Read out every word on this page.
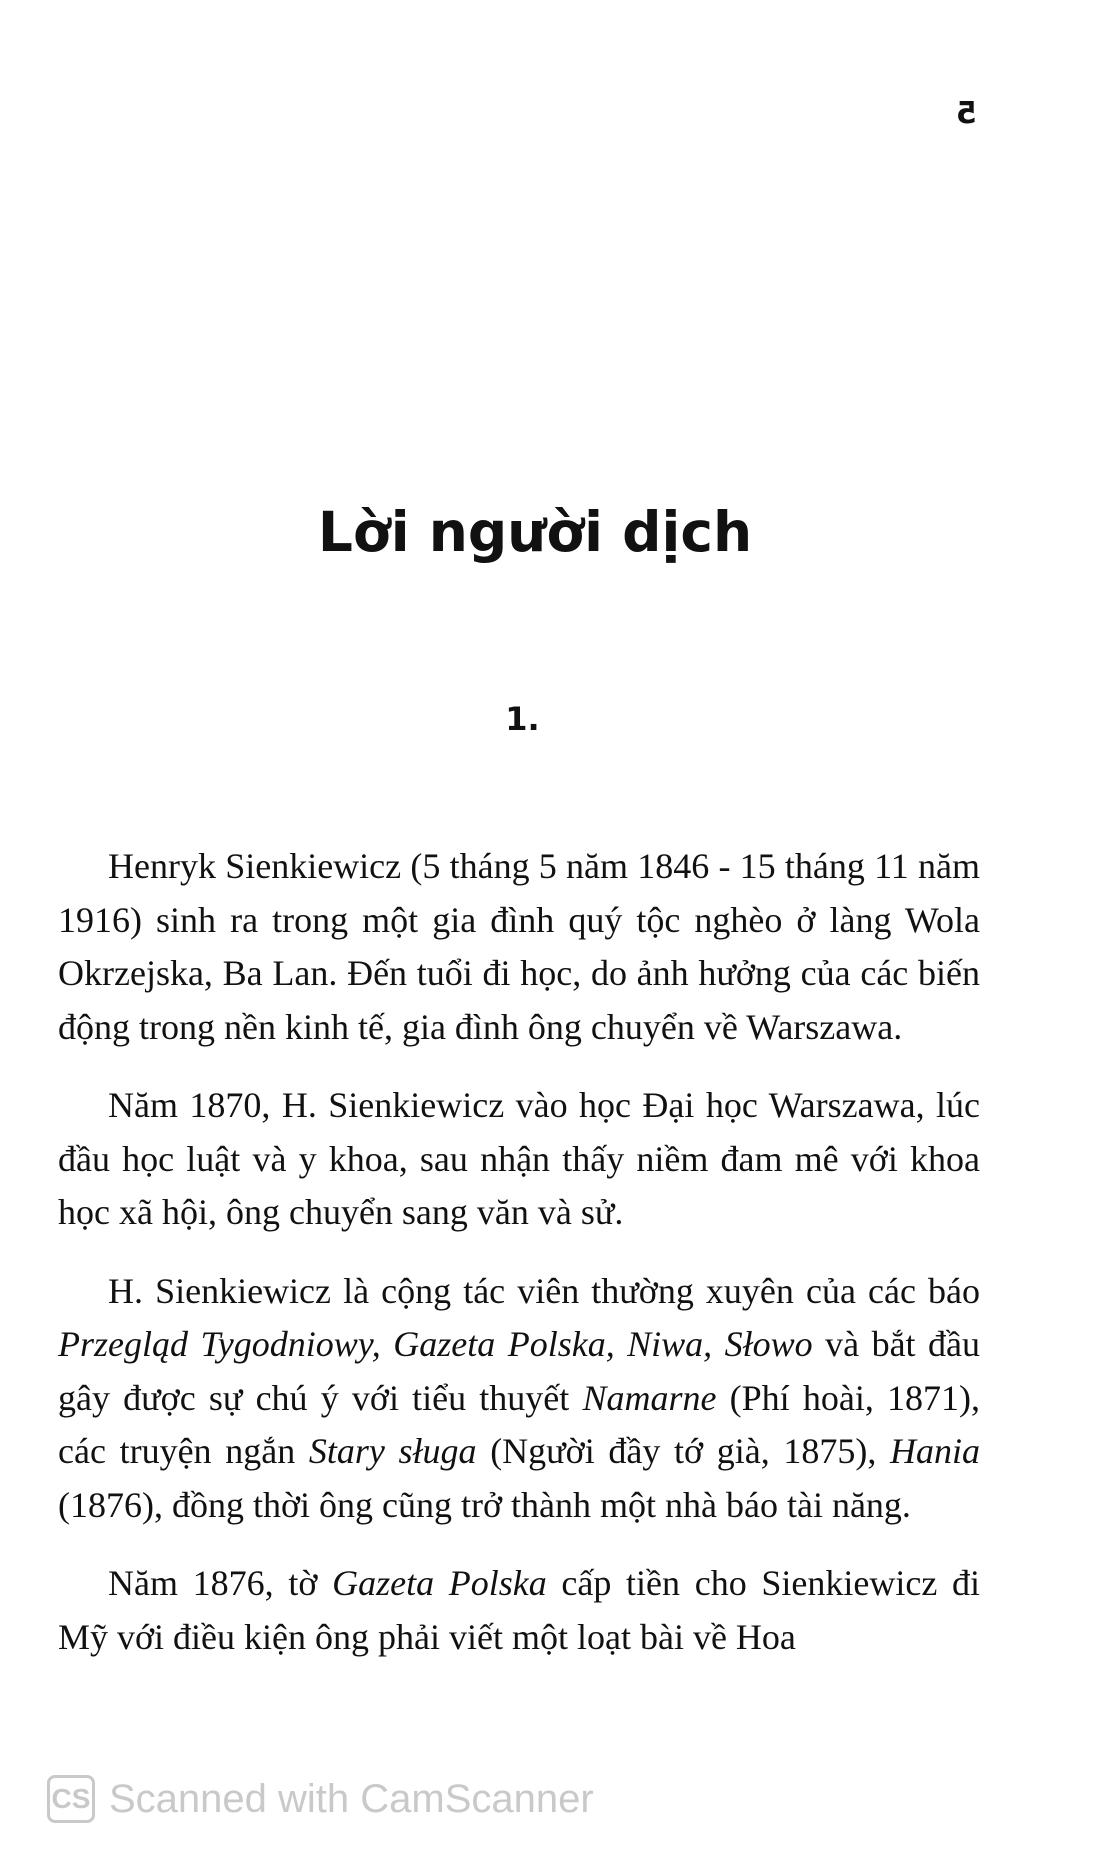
5
Lời người dịch
1.

Henryk Sienkiewicz (5 tháng 5 năm 1846 - 15 tháng 11 năm 1916) sinh ra trong một gia đình quý tộc nghèo ở làng Wola Okrzejska, Ba Lan. Đến tuổi đi học, do ảnh hưởng của các biến động trong nền kinh tế, gia đình ông chuyển về Warszawa.

Năm 1870, H. Sienkiewicz vào học Đại học Warszawa, lúc đầu học luật và y khoa, sau nhận thấy niềm đam mê với khoa học xã hội, ông chuyển sang văn và sử.

H. Sienkiewicz là cộng tác viên thường xuyên của các báo Przegląd Tygodniowy, Gazeta Polska, Niwa, Słowo và bắt đầu gây được sự chú ý với tiểu thuyết Namarne (Phí hoài, 1871), các truyện ngắn Stary sługa (Người đầy tớ già, 1875), Hania (1876), đồng thời ông cũng trở thành một nhà báo tài năng.

Năm 1876, tờ Gazeta Polska cấp tiền cho Sienkiewicz đi Mỹ với điều kiện ông phải viết một loạt bài về Hoa

CS Scanned with CamScanner
